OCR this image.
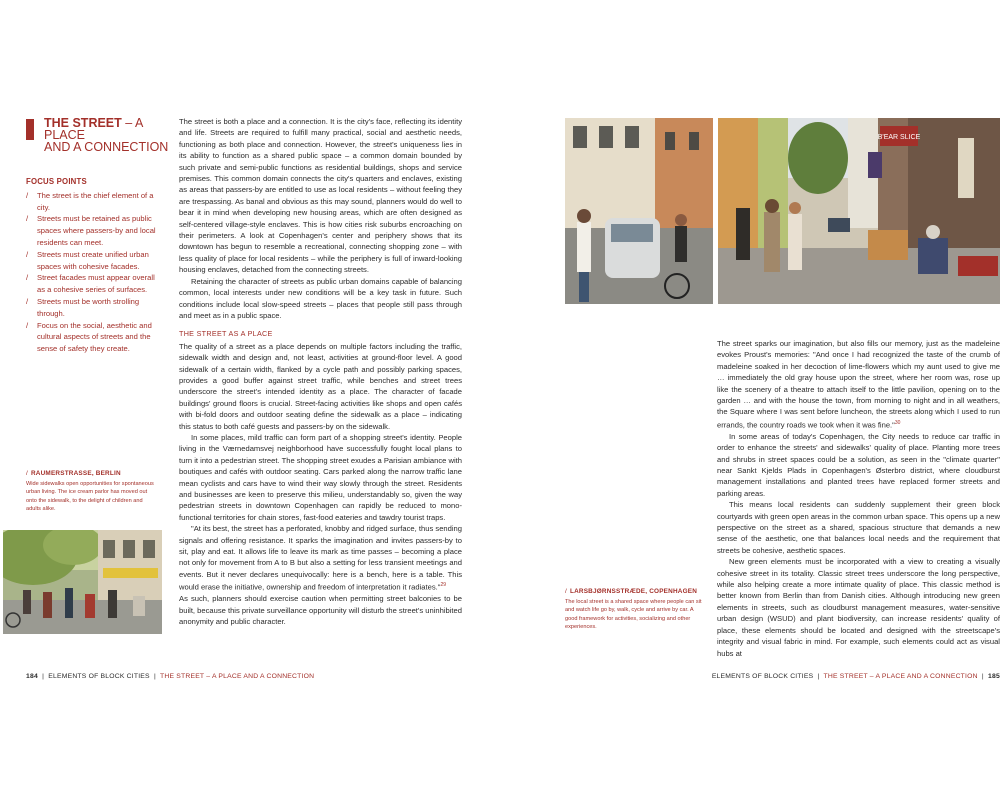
THE STREET – A PLACE
AND A CONNECTION
FOCUS POINTS
/ The street is the chief element of a city.
/ Streets must be retained as public spaces where passers-by and local residents can meet.
/ Streets must create unified urban spaces with cohesive facades.
/ Street facades must appear overall as a cohesive series of surfaces.
/ Streets must be worth strolling through.
/ Focus on the social, aesthetic and cultural aspects of streets and the sense of safety they create.
/ RAUMERSTRASSE, BERLIN
Wide sidewalks open opportunities for spontaneous urban living. The ice cream parlor has moved out onto the sidewalk, to the delight of children and adults alike.

The street is both a place and a connection. It is the city's face, reflecting its identity and life. Streets are required to fulfill many practical, social and aesthetic needs, functioning as both place and connection. However, the street's uniqueness lies in its ability to function as a shared public space – a common domain bounded by such private and semi-public functions as residential buildings, shops and service premises. This common domain connects the city's quarters and enclaves, existing as areas that passers-by are entitled to use as local residents – without feeling they are trespassing. As banal and obvious as this may sound, planners would do well to bear it in mind when developing new housing areas, which are often designed as self-centered village-style enclaves. This is how cities risk suburbs encroaching on their perimeters. A look at Copenhagen's center and periphery shows that its downtown has begun to resemble a recreational, connecting shopping zone – with less quality of place for local residents – while the periphery is full of inward-looking housing enclaves, detached from the connecting streets.

Retaining the character of streets as public urban domains capable of balancing common, local interests under new conditions will be a key task in future. Such conditions include local slow-speed streets – places that people still pass through and meet as in a public space.

THE STREET AS A PLACE

The quality of a street as a place depends on multiple factors including the traffic, sidewalk width and design and, not least, activities at ground-floor level. A good sidewalk of a certain width, flanked by a cycle path and possibly parking spaces, provides a good buffer against street traffic, while benches and street trees underscore the street's intended identity as a place. The character of facade buildings' ground floors is crucial. Street-facing activities like shops and open cafés with bi-fold doors and outdoor seating define the sidewalk as a place – indicating this status to both café guests and passers-by on the sidewalk.

In some places, mild traffic can form part of a shopping street's identity. People living in the Værnedamsvej neighborhood have successfully fought local plans to turn it into a pedestrian street. The shopping street exudes a Parisian ambiance with boutiques and cafés with outdoor seating. Cars parked along the narrow traffic lane mean cyclists and cars have to wind their way slowly through the street. Residents and businesses are keen to preserve this milieu, understandably so, given the way pedestrian streets in downtown Copenhagen can rapidly be reduced to mono-functional territories for chain stores, fast-food eateries and tawdry tourist traps.

"At its best, the street has a perforated, knobby and ridged surface, thus sending signals and offering resistance. It sparks the imagination and invites passers-by to sit, play and eat. It allows life to leave its mark as time passes – becoming a place not only for movement from A to B but also a setting for less transient meetings and events. But it never declares unequivocally: here is a bench, here is a table. This would erase the initiative, ownership and freedom of interpretation it radiates."$^{29}$

As such, planners should exercise caution when permitting street balconies to be built, because this private surveillance opportunity will disturb the street's uninhibited anonymity and public character.

184  |  ELEMENTS OF BLOCK CITIES  |  THE STREET – A PLACE AND A CONNECTION
B'EAR SLICE
/ LARSBJØRNSSTRÆDE, COPENHAGEN
The local street is a shared space where people can sit and watch life go by, walk, cycle and arrive by car. A good framework for activities, socializing and other experiences.

The street sparks our imagination, but also fills our memory, just as the madeleine evokes Proust's memories: "And once I had recognized the taste of the crumb of madeleine soaked in her decoction of lime-flowers which my aunt used to give me … immediately the old gray house upon the street, where her room was, rose up like the scenery of a theatre to attach itself to the little pavilion, opening on to the garden … and with the house the town, from morning to night and in all weathers, the Square where I was sent before luncheon, the streets along which I used to run errands, the country roads we took when it was fine."$^{30}$

In some areas of today's Copenhagen, the City needs to reduce car traffic in order to enhance the streets' and sidewalks' quality of place. Planting more trees and shrubs in street spaces could be a solution, as seen in the "climate quarter" near Sankt Kjelds Plads in Copenhagen's Østerbro district, where cloudburst management installations and planted trees have replaced former streets and parking areas.

This means local residents can suddenly supplement their green block courtyards with green open areas in the common urban space. This opens up a new perspective on the street as a shared, spacious structure that demands a new sense of the aesthetic, one that balances local needs and the requirement that streets be cohesive, aesthetic spaces.

New green elements must be incorporated with a view to creating a visually cohesive street in its totality. Classic street trees underscore the long perspective, while also helping create a more intimate quality of place. This classic method is better known from Berlin than from Danish cities. Although introducing new green elements in streets, such as cloudburst management measures, water-sensitive urban design (WSUD) and plant biodiversity, can increase residents' quality of place, these elements should be located and designed with the streetscape's integrity and visual fabric in mind. For example, such elements could act as visual hubs at

ELEMENTS OF BLOCK CITIES  |  THE STREET – A PLACE AND A CONNECTION  |  185
